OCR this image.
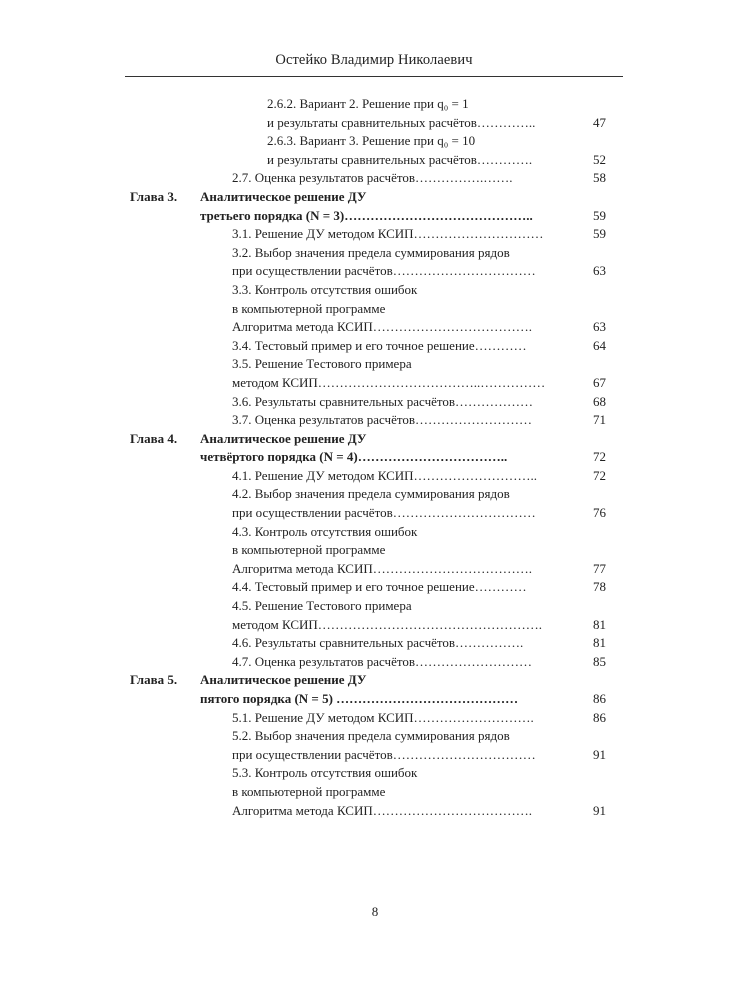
Остейко Владимир Николаевич
2.6.2. Вариант 2. Решение при q₀ = 1
и результаты сравнительных расчётов…………..	47
2.6.3. Вариант 3. Решение при q₀ = 10
и результаты сравнительных расчётов………….	52
2.7. Оценка результатов расчётов…………….…….	58
Глава 3. Аналитическое решение ДУ
третьего порядка (N = 3)……………………………………..	59
3.1. Решение ДУ методом КСИП…………………………	59
3.2. Выбор значения предела суммирования рядов
при осуществлении расчётов……………………………	63
3.3. Контроль отсутствия ошибок
в компьютерной программе
Алгоритма метода КСИП……………………………….	63
3.4. Тестовый пример и его точное решение…………	64
3.5. Решение Тестового примера
методом КСИП………………………………..……………	67
3.6. Результаты сравнительных расчётов………………	68
3.7. Оценка результатов расчётов………………………	71
Глава 4. Аналитическое решение ДУ
четвёртого порядка (N = 4)……………………………..	72
4.1. Решение ДУ методом КСИП………………………..	72
4.2. Выбор значения предела суммирования рядов
при осуществлении расчётов……………………………	76
4.3. Контроль отсутствия ошибок
в компьютерной программе
Алгоритма метода КСИП……………………………….	77
4.4. Тестовый пример и его точное решение…………	78
4.5. Решение Тестового примера
методом КСИП…………………………………………….	81
4.6. Результаты сравнительных расчётов…………….	81
4.7. Оценка результатов расчётов………………………	85
Глава 5. Аналитическое решение ДУ
пятого порядка (N = 5) ……………………………………	86
5.1. Решение ДУ методом КСИП……………………….	86
5.2. Выбор значения предела суммирования рядов
при осуществлении расчётов……………………………	91
5.3. Контроль отсутствия ошибок
в компьютерной программе
Алгоритма метода КСИП……………………………….	91
8
